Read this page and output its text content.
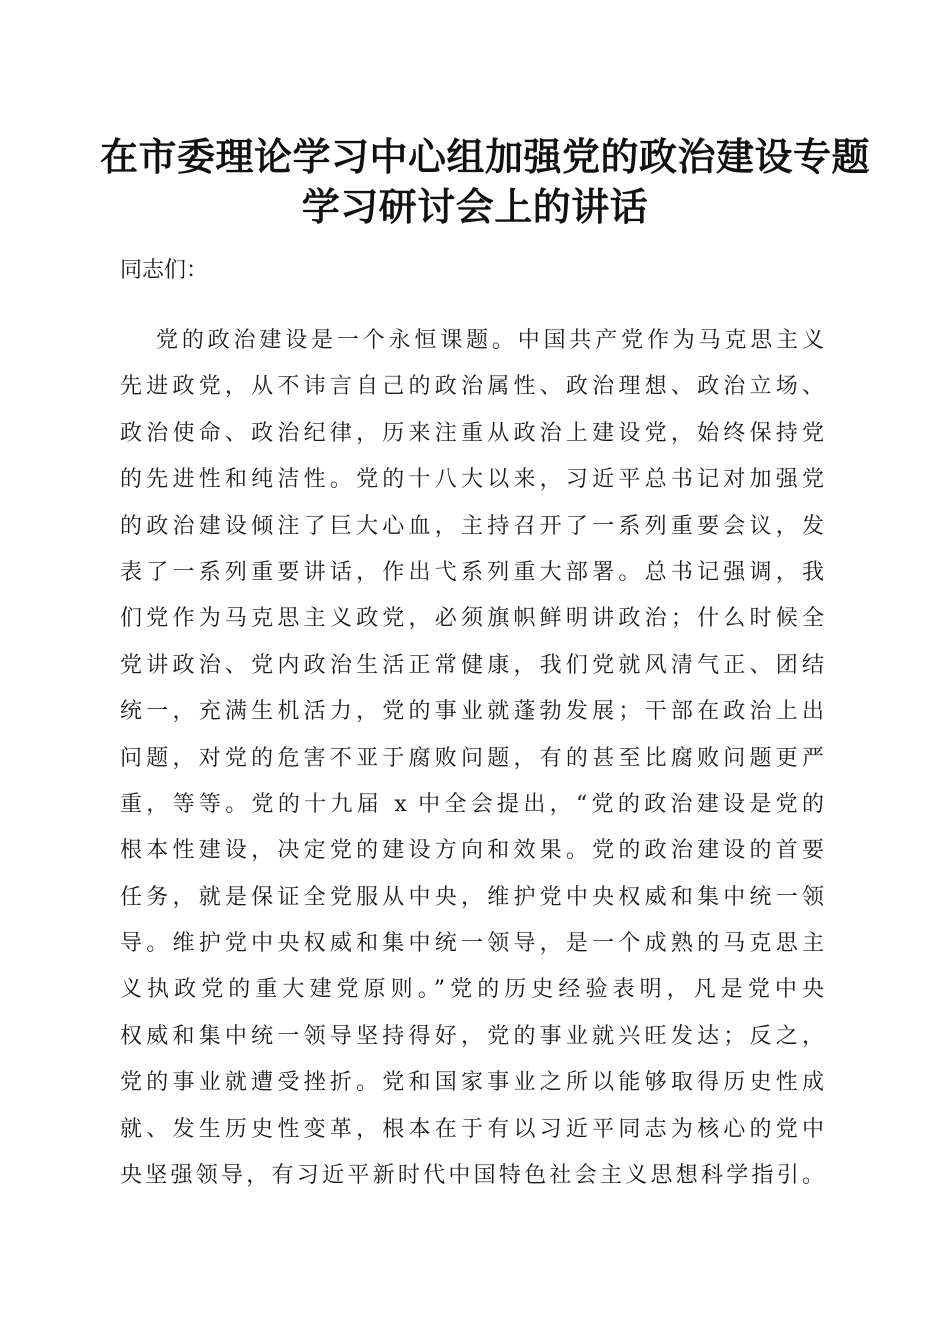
在市委理论学习中心组加强党的政治建设专题
学习研讨会上的讲话

同志们：

党的政治建设是一个永恒课题。中国共产党作为马克思主义
先进政党，从不讳言自己的政治属性、政治理想、政治立场、
政治使命、政治纪律，历来注重从政治上建设党，始终保持党
的先进性和纯洁性。党的十八大以来，习近平总书记对加强党
的政治建设倾注了巨大心血，主持召开了一系列重要会议，发
表了一系列重要讲话，作出弋系列重大部署。总书记强调，我
们党作为马克思主义政党，必须旗帜鲜明讲政治；什么时候全
党讲政治、党内政治生活正常健康，我们党就风清气正、团结
统一，充满生机活力，党的事业就蓬勃发展；干部在政治上出
问题，对党的危害不亚于腐败问题，有的甚至比腐败问题更严
重，等等。党的十九届 x 中全会提出，“党的政治建设是党的
根本性建设，决定党的建设方向和效果。党的政治建设的首要
任务，就是保证全党服从中央，维护党中央权威和集中统一领
导。维护党中央权威和集中统一领导，是一个成熟的马克思主
义执政党的重大建党原则。”党的历史经验表明，凡是党中央
权威和集中统一领导坚持得好，党的事业就兴旺发达；反之，
党的事业就遭受挫折。党和国家事业之所以能够取得历史性成
就、发生历史性变革，根本在于有以习近平同志为核心的党中
央坚强领导，有习近平新时代中国特色社会主义思想科学指引。
